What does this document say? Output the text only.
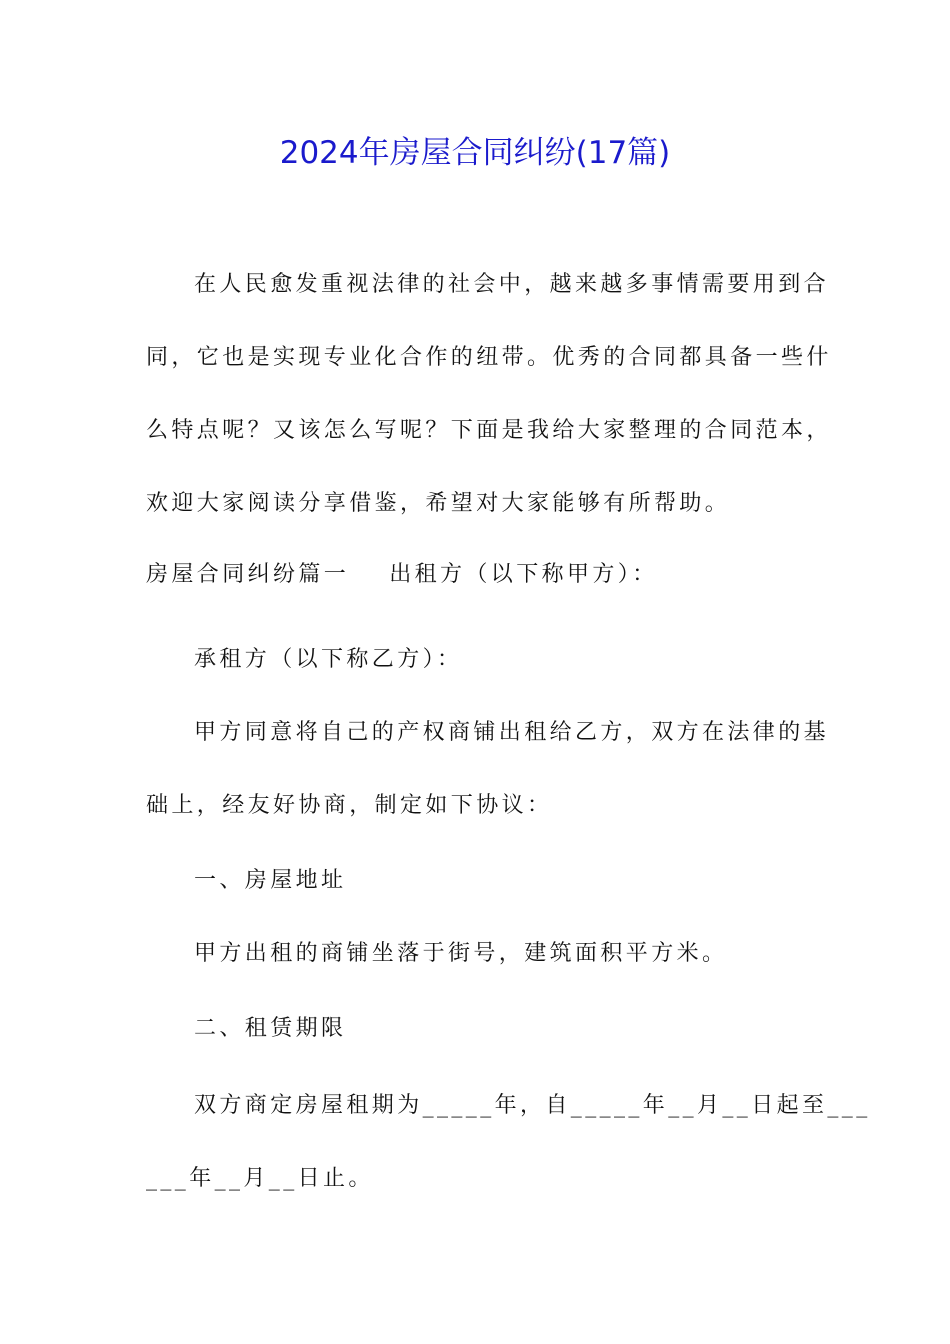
2024年房屋合同纠纷(17篇)
在人民愈发重视法律的社会中，越来越多事情需要用到合
同，它也是实现专业化合作的纽带。优秀的合同都具备一些什
么特点呢？又该怎么写呢？下面是我给大家整理的合同范本，
欢迎大家阅读分享借鉴，希望对大家能够有所帮助。
房屋合同纠纷篇一 出租方（以下称甲方）：
承租方（以下称乙方）：
甲方同意将自己的产权商铺出租给乙方，双方在法律的基
础上，经友好协商，制定如下协议：
一、房屋地址
甲方出租的商铺坐落于街号，建筑面积平方米。
二、租赁期限
双方商定房屋租期为_____年，自_____年__月__日起至___
___年__月__日止。
